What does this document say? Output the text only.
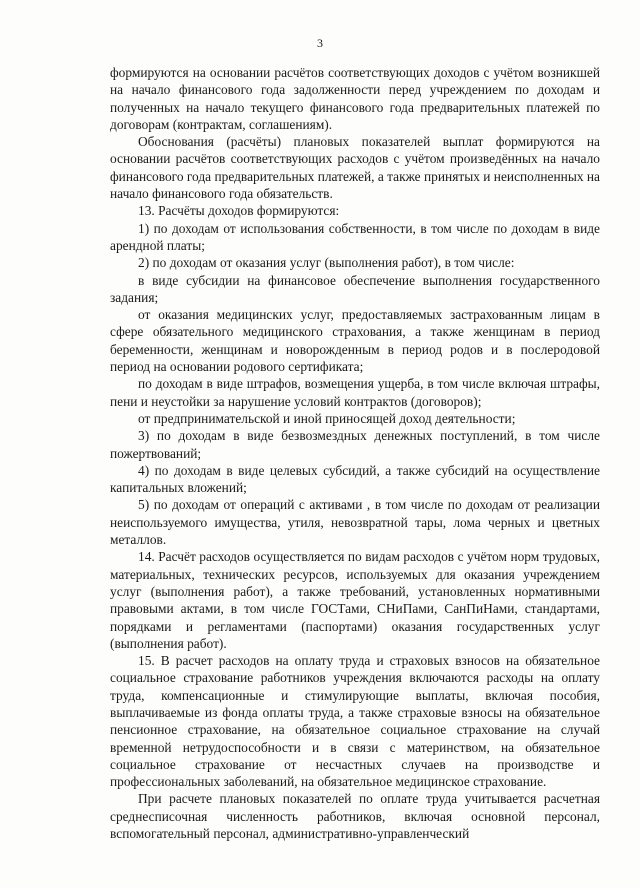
3

формируются на основании расчётов соответствующих доходов с учётом возникшей на начало финансового года задолженности перед учреждением по доходам и полученных на начало текущего финансового года предварительных платежей по договорам (контрактам, соглашениям).

Обоснования (расчёты) плановых показателей выплат формируются на основании расчётов соответствующих расходов с учётом произведённых на начало финансового года предварительных платежей, а также принятых и неисполненных на начало финансового года обязательств.

13. Расчёты доходов формируются:

1) по доходам от использования собственности, в том числе по доходам в виде арендной платы;

2) по доходам от оказания услуг (выполнения работ), в том числе:

в виде субсидии на финансовое обеспечение выполнения государственного задания;

от оказания медицинских услуг, предоставляемых застрахованным лицам в сфере обязательного медицинского страхования, а также женщинам в период беременности, женщинам и новорожденным в период родов и в послеродовой период на основании родового сертификата;

по доходам в виде штрафов, возмещения ущерба, в том числе включая штрафы, пени и неустойки за нарушение условий контрактов (договоров);

от предпринимательской и иной приносящей доход деятельности;

3) по доходам в виде безвозмездных денежных поступлений, в том числе пожертвований;

4) по доходам в виде целевых субсидий, а также субсидий на осуществление капитальных вложений;

5) по доходам от операций с активами , в том числе по доходам от реализации неиспользуемого имущества, утиля, невозвратной тары, лома черных и цветных металлов.

14. Расчёт расходов осуществляется по видам расходов с учётом норм трудовых, материальных, технических ресурсов, используемых для оказания учреждением услуг (выполнения работ), а также требований, установленных нормативными правовыми актами, в том числе ГОСТами, СНиПами, СанПиНами, стандартами, порядками и регламентами (паспортами) оказания государственных услуг (выполнения работ).

15. В расчет расходов на оплату труда и страховых взносов на обязательное социальное страхование работников учреждения включаются расходы на оплату труда, компенсационные и стимулирующие выплаты, включая пособия, выплачиваемые из фонда оплаты труда, а также страховые взносы на обязательное пенсионное страхование, на обязательное социальное страхование на случай временной нетрудоспособности и в связи с материнством, на обязательное социальное страхование от несчастных случаев на производстве и профессиональных заболеваний, на обязательное медицинское страхование.

При расчете плановых показателей по оплате труда учитывается расчетная среднесписочная численность работников, включая основной персонал, вспомогательный персонал, административно-управленческий
